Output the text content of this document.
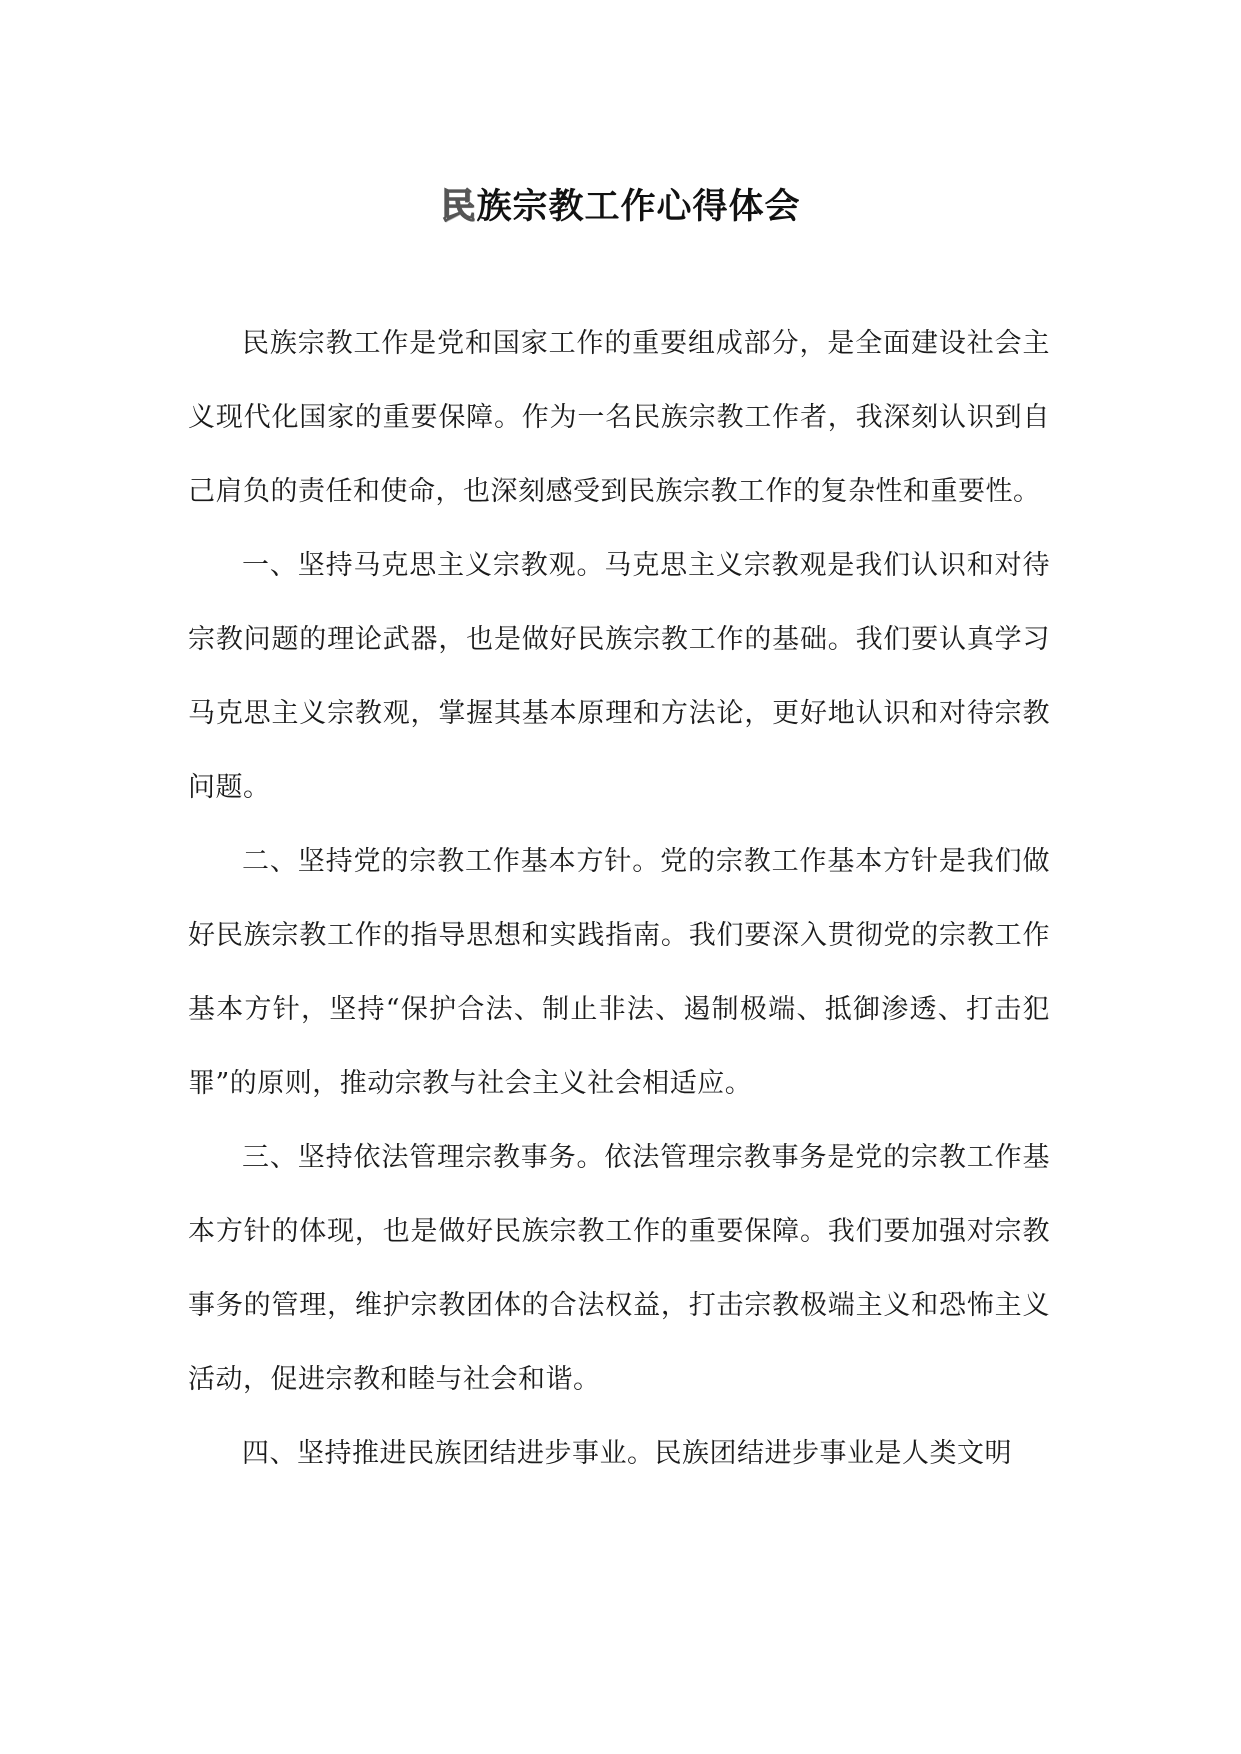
民族宗教工作心得体会

民族宗教工作是党和国家工作的重要组成部分，是全面建设社会主义现代化国家的重要保障。作为一名民族宗教工作者，我深刻认识到自己肩负的责任和使命，也深刻感受到民族宗教工作的复杂性和重要性。

一、坚持马克思主义宗教观。马克思主义宗教观是我们认识和对待宗教问题的理论武器，也是做好民族宗教工作的基础。我们要认真学习马克思主义宗教观，掌握其基本原理和方法论，更好地认识和对待宗教问题。

二、坚持党的宗教工作基本方针。党的宗教工作基本方针是我们做好民族宗教工作的指导思想和实践指南。我们要深入贯彻党的宗教工作基本方针，坚持“保护合法、制止非法、遏制极端、抵御渗透、打击犯罪”的原则，推动宗教与社会主义社会相适应。

三、坚持依法管理宗教事务。依法管理宗教事务是党的宗教工作基本方针的体现，也是做好民族宗教工作的重要保障。我们要加强对宗教事务的管理，维护宗教团体的合法权益，打击宗教极端主义和恐怖主义活动，促进宗教和睦与社会和谐。

四、坚持推进民族团结进步事业。民族团结进步事业是人类文明
